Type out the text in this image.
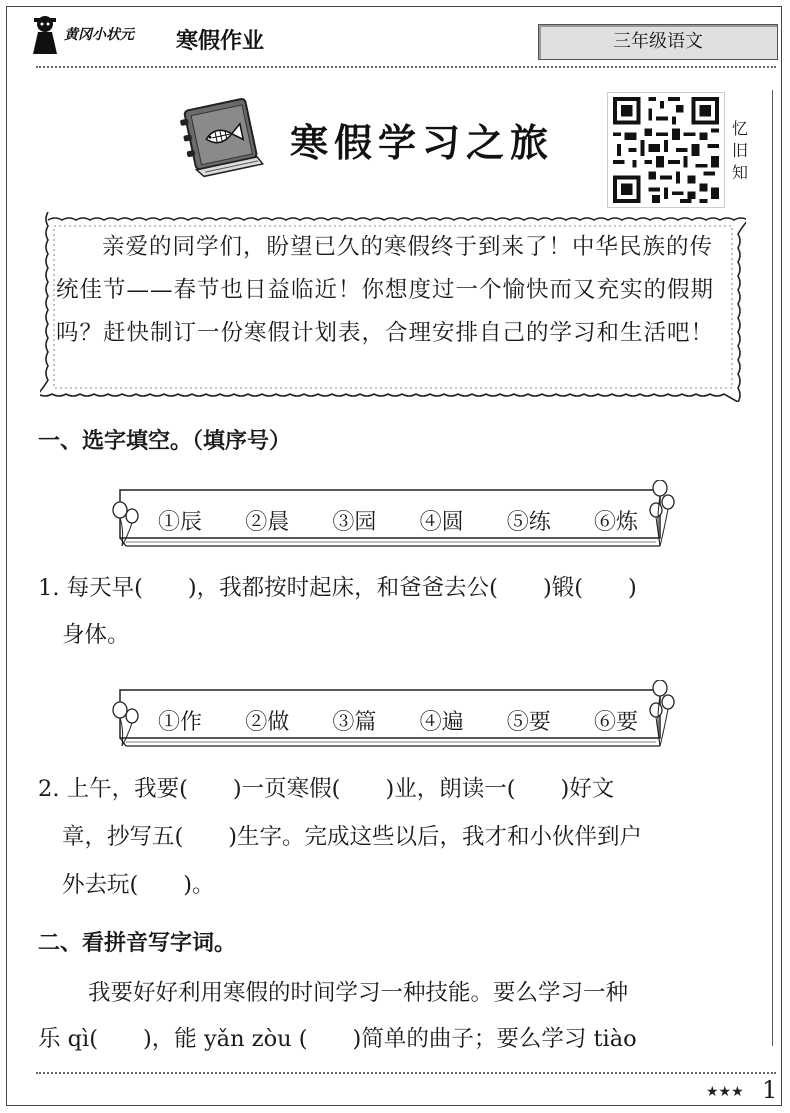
黄冈小状元 寒假作业	三年级语文
寒假学习之旅	忆
旧
知
亲爱的同学们，盼望已久的寒假终于到来了！中华民族的传统佳节——春节也日益临近！你想度过一个愉快而又充实的假期吗？赶快制订一份寒假计划表，合理安排自己的学习和生活吧！
一、选字填空。（填序号）
①辰 ②晨 ③园 ④圆 ⑤练 ⑥炼
1. 每天早(　　)，我都按时起床，和爸爸去公(　　)锻(　　)
身体。
①作 ②做 ③篇 ④遍 ⑤要 ⑥要
2. 上午，我要(　　)一页寒假(　　)业，朗读一(　　)好文
章，抄写五(　　)生字。完成这些以后，我才和小伙伴到户
外去玩(　　)。
二、看拼音写字词。
我要好好利用寒假的时间学习一种技能。要么学习一种
乐 qì(　　)，能 yǎn zòu (　　)简单的曲子；要么学习 tiào
★★★ 1
